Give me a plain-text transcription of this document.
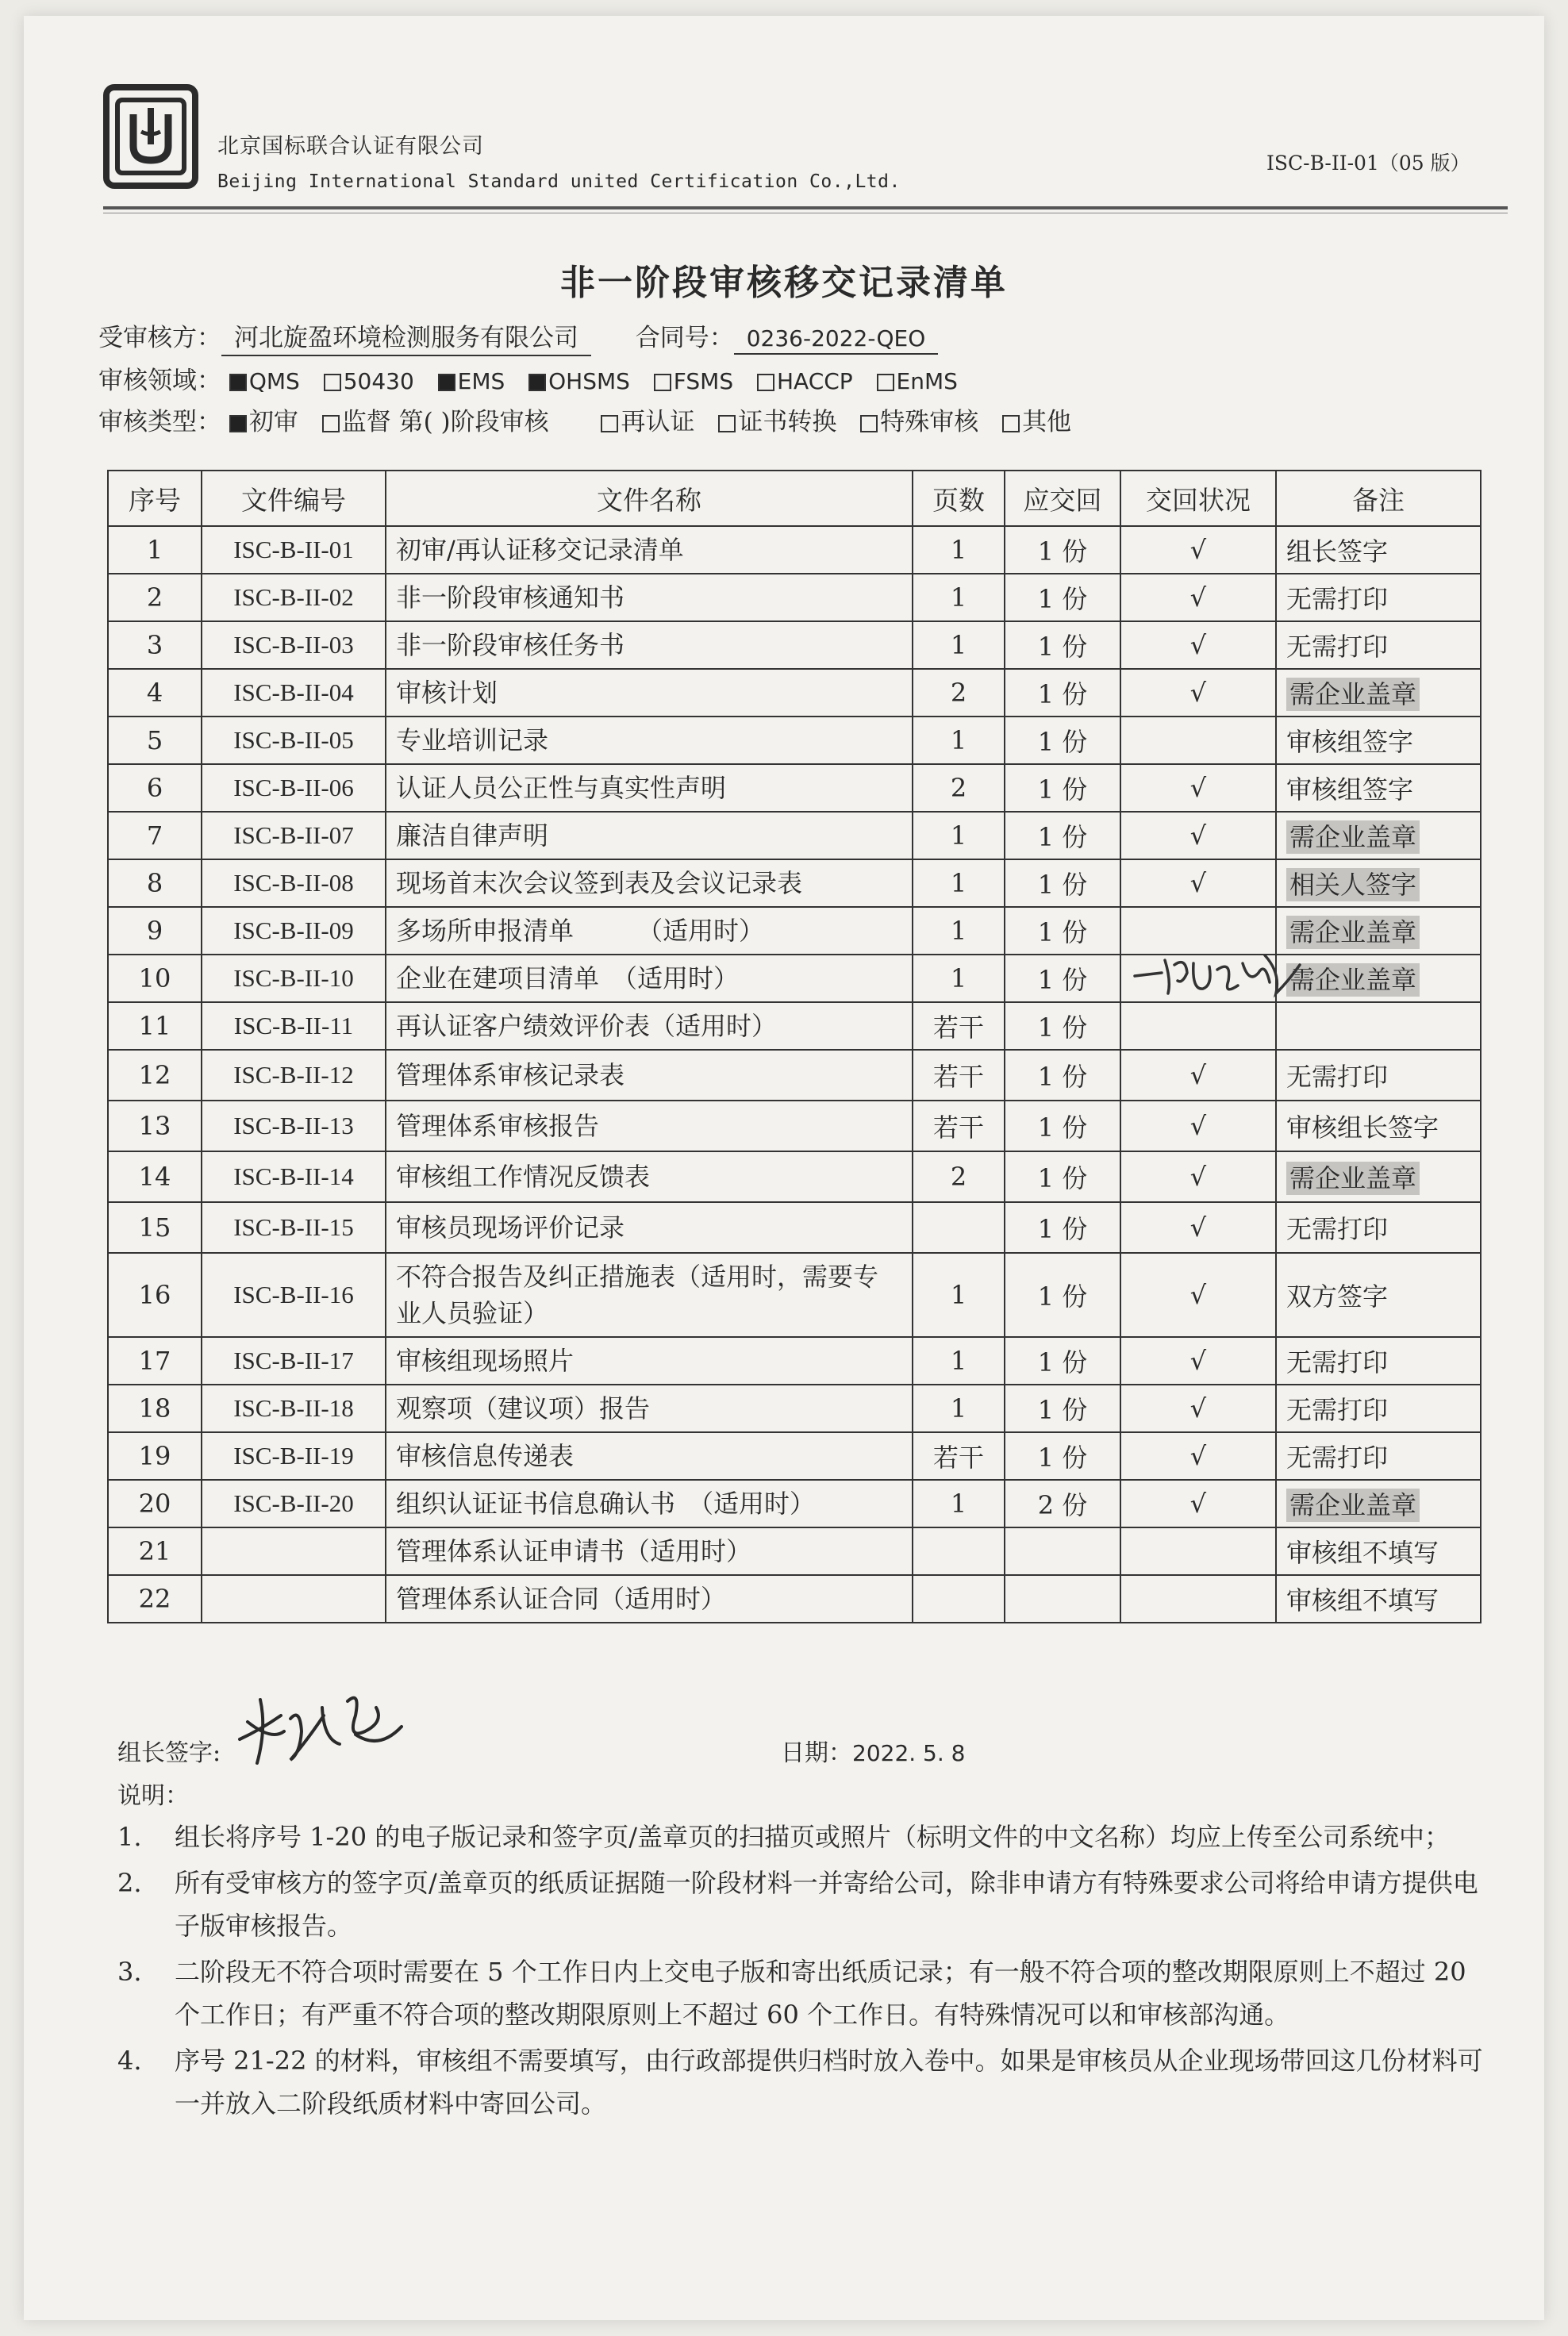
北京国标联合认证有限公司
Beijing International Standard united Certification Co.,Ltd.
ISC-B-II-01（05 版）
非一阶段审核移交记录清单
受审核方： 河北旋盈环境检测服务有限公司 合同号： 0236-2022-QEO
审核领域： QMS 50430 EMS OHSMS FSMS HACCP EnMS
审核类型： 初审 监督 第( )阶段审核	再认证 证书转换 特殊审核 其他
序号	文件编号	文件名称	页数	应交回	交回状况	备注
1	ISC-B-II-01	初审/再认证移交记录清单	1	1 份	√	组长签字
2	ISC-B-II-02	非一阶段审核通知书	1	1 份	√	无需打印
3	ISC-B-II-03	非一阶段审核任务书	1	1 份	√	无需打印
4	ISC-B-II-04	审核计划	2	1 份	√	需企业盖章
5	ISC-B-II-05	专业培训记录	1	1 份		审核组签字
6	ISC-B-II-06	认证人员公正性与真实性声明	2	1 份	√	审核组签字
7	ISC-B-II-07	廉洁自律声明	1	1 份	√	需企业盖章
8	ISC-B-II-08	现场首末次会议签到表及会议记录表	1	1 份	√	相关人签字
9	ISC-B-II-09	多场所申报清单　　　（适用时）	1	1 份		需企业盖章
10	ISC-B-II-10	企业在建项目清单　（适用时）	1	1 份		需企业盖章
11	ISC-B-II-11	再认证客户绩效评价表（适用时）	若干	1 份		
12	ISC-B-II-12	管理体系审核记录表	若干	1 份	√	无需打印
13	ISC-B-II-13	管理体系审核报告	若干	1 份	√	审核组长签字
14	ISC-B-II-14	审核组工作情况反馈表	2	1 份	√	需企业盖章
15	ISC-B-II-15	审核员现场评价记录		1 份	√	无需打印
16	ISC-B-II-16	不符合报告及纠正措施表（适用时，需要专业人员验证）	1	1 份	√	双方签字
17	ISC-B-II-17	审核组现场照片	1	1 份	√	无需打印
18	ISC-B-II-18	观察项（建议项）报告	1	1 份	√	无需打印
19	ISC-B-II-19	审核信息传递表	若干	1 份	√	无需打印
20	ISC-B-II-20	组织认证证书信息确认书　（适用时）	1	2 份	√	需企业盖章
21		管理体系认证申请书（适用时）				审核组不填写
22		管理体系认证合同（适用时）				审核组不填写
组长签字:	日期：2022. 5. 8
说明：
1.	组长将序号 1-20 的电子版记录和签字页/盖章页的扫描页或照片（标明文件的中文名称）均应上传至公司系统中；
2.	所有受审核方的签字页/盖章页的纸质证据随一阶段材料一并寄给公司，除非申请方有特殊要求公司将给申请方提供电子版审核报告。
3.	二阶段无不符合项时需要在 5 个工作日内上交电子版和寄出纸质记录；有一般不符合项的整改期限原则上不超过 20 个工作日；有严重不符合项的整改期限原则上不超过 60 个工作日。有特殊情况可以和审核部沟通。
4.	序号 21-22 的材料，审核组不需要填写，由行政部提供归档时放入卷中。如果是审核员从企业现场带回这几份材料可一并放入二阶段纸质材料中寄回公司。
